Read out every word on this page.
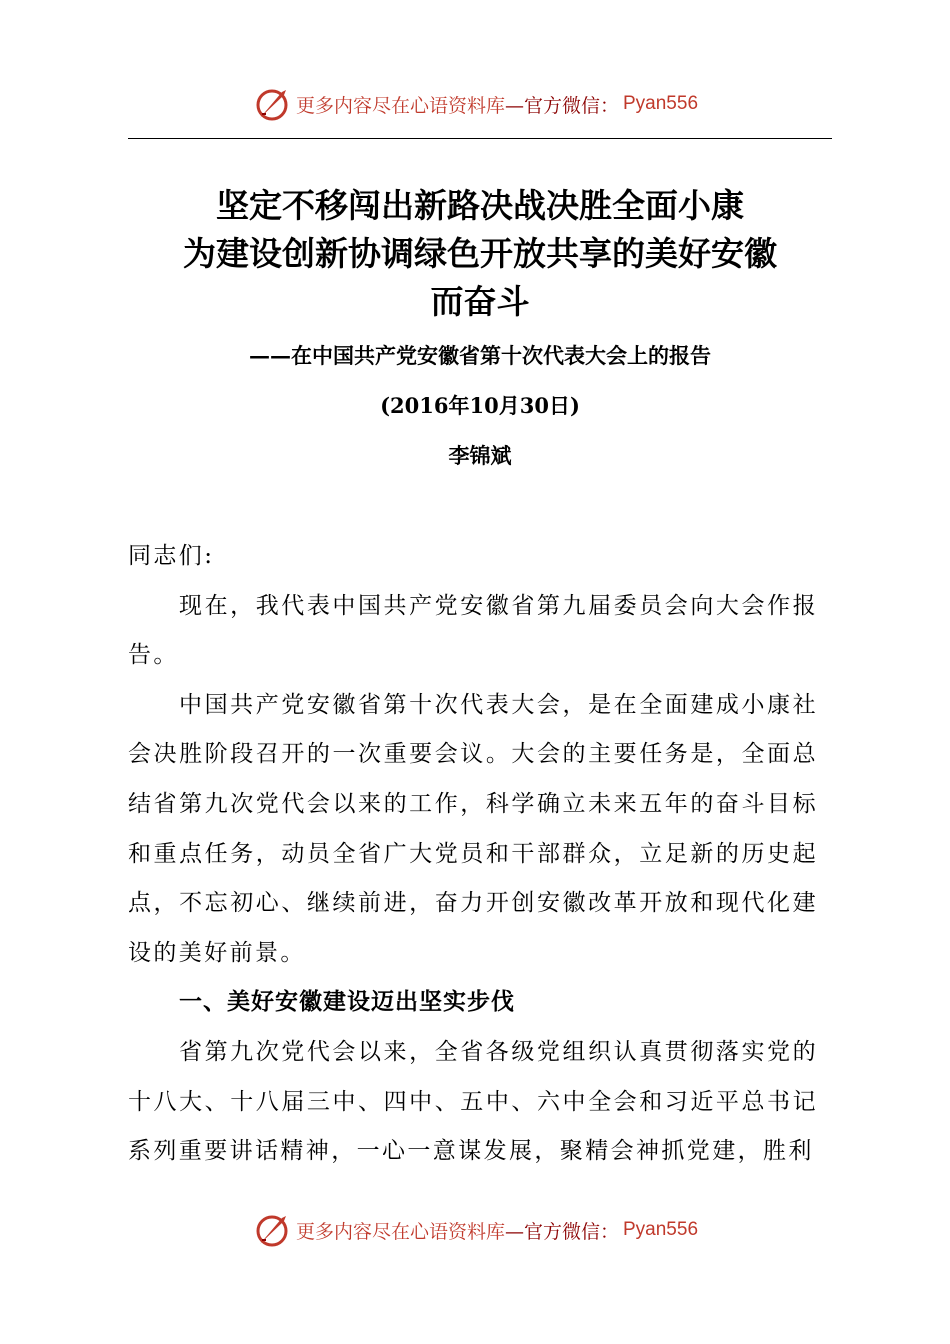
更多内容尽在心语资料库 —官方微信： Pyan556
坚定不移闯出新路决战决胜全面小康
为建设创新协调绿色开放共享的美好安徽
而奋斗
——在中国共产党安徽省第十次代表大会上的报告
(2016年10月30日)
李锦斌

同志们:

现在，我代表中国共产党安徽省第九届委员会向大会作报告。

中国共产党安徽省第十次代表大会，是在全面建成小康社会决胜阶段召开的一次重要会议。大会的主要任务是，全面总结省第九次党代会以来的工作，科学确立未来五年的奋斗目标和重点任务，动员全省广大党员和干部群众，立足新的历史起点，不忘初心、继续前进，奋力开创安徽改革开放和现代化建设的美好前景。

一、美好安徽建设迈出坚实步伐

省第九次党代会以来，全省各级党组织认真贯彻落实党的十八大、十八届三中、四中、五中、六中全会和习近平总书记系列重要讲话精神，一心一意谋发展，聚精会神抓党建，胜利

更多内容尽在心语资料库 —官方微信： Pyan556
